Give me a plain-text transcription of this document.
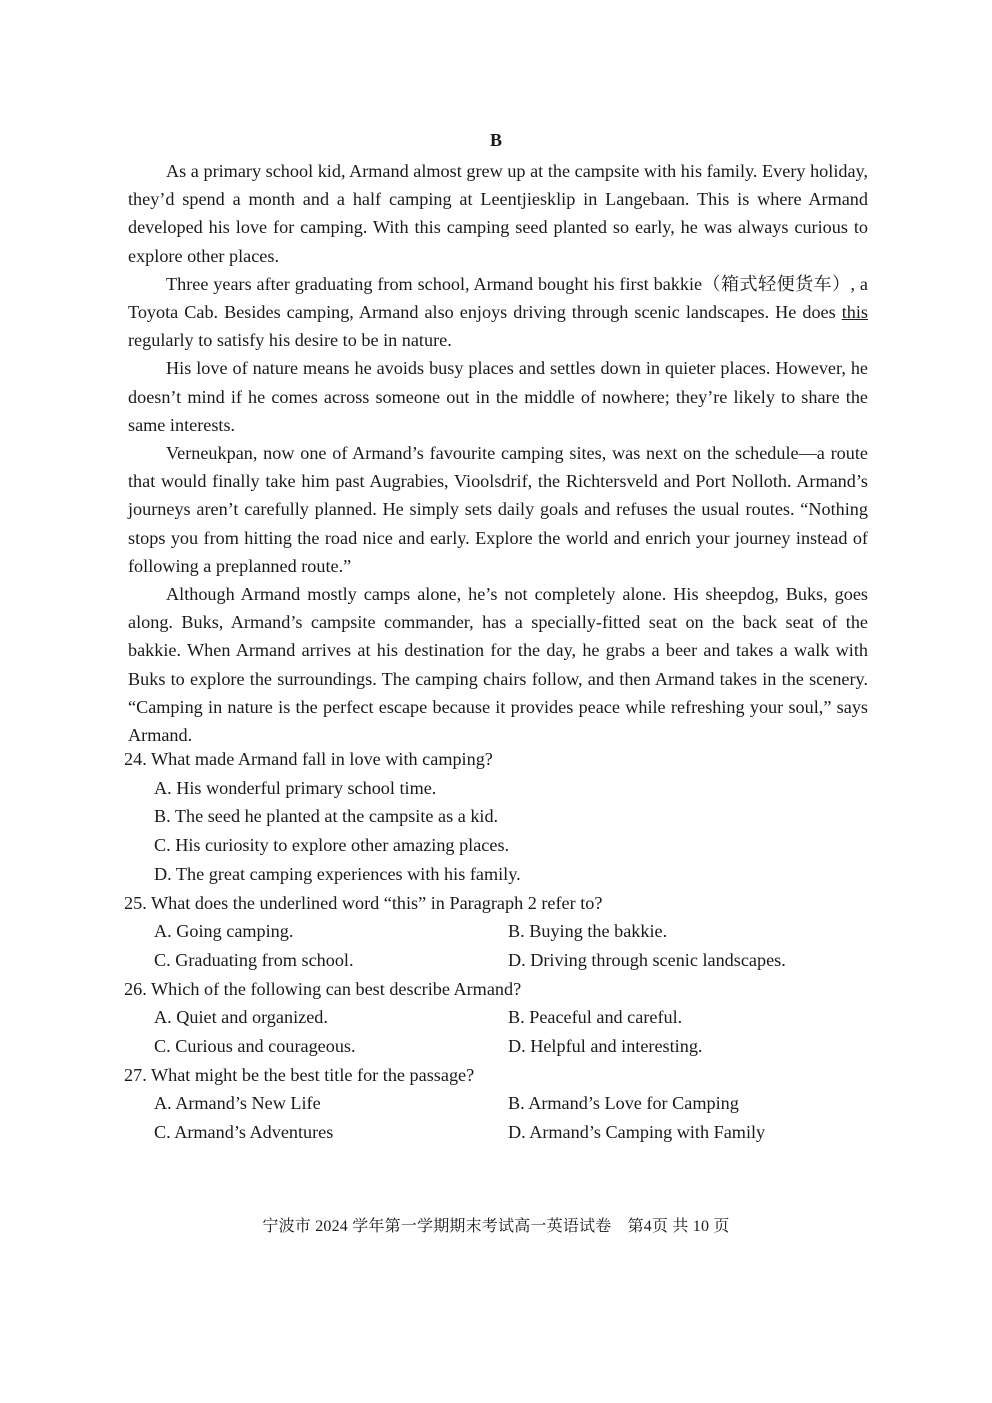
B

As a primary school kid, Armand almost grew up at the campsite with his family. Every holiday, they’d spend a month and a half camping at Leentjiesklip in Langebaan. This is where Armand developed his love for camping. With this camping seed planted so early, he was always curious to explore other places.

Three years after graduating from school, Armand bought his first bakkie（箱式轻便货车）, a Toyota Cab. Besides camping, Armand also enjoys driving through scenic landscapes. He does this regularly to satisfy his desire to be in nature.

His love of nature means he avoids busy places and settles down in quieter places. However, he doesn’t mind if he comes across someone out in the middle of nowhere; they’re likely to share the same interests.

Verneukpan, now one of Armand’s favourite camping sites, was next on the schedule—a route that would finally take him past Augrabies, Vioolsdrif, the Richtersveld and Port Nolloth. Armand’s journeys aren’t carefully planned. He simply sets daily goals and refuses the usual routes. “Nothing stops you from hitting the road nice and early. Explore the world and enrich your journey instead of following a preplanned route.”

Although Armand mostly camps alone, he’s not completely alone. His sheepdog, Buks, goes along. Buks, Armand’s campsite commander, has a specially-fitted seat on the back seat of the bakkie. When Armand arrives at his destination for the day, he grabs a beer and takes a walk with Buks to explore the surroundings. The camping chairs follow, and then Armand takes in the scenery. “Camping in nature is the perfect escape because it provides peace while refreshing your soul,” says Armand.

24. What made Armand fall in love with camping?
A. His wonderful primary school time.
B. The seed he planted at the campsite as a kid.
C. His curiosity to explore other amazing places.
D. The great camping experiences with his family.
25. What does the underlined word “this” in Paragraph 2 refer to?
A. Going camping.	B. Buying the bakkie.
C. Graduating from school.	D. Driving through scenic landscapes.
26. Which of the following can best describe Armand?
A. Quiet and organized.	B. Peaceful and careful.
C. Curious and courageous.	D. Helpful and interesting.
27. What might be the best title for the passage?
A. Armand’s New Life	B. Armand’s Love for Camping
C. Armand’s Adventures	D. Armand’s Camping with Family
宁波市 2024 学年第一学期期末考试高一英语试卷　第4页 共 10 页
